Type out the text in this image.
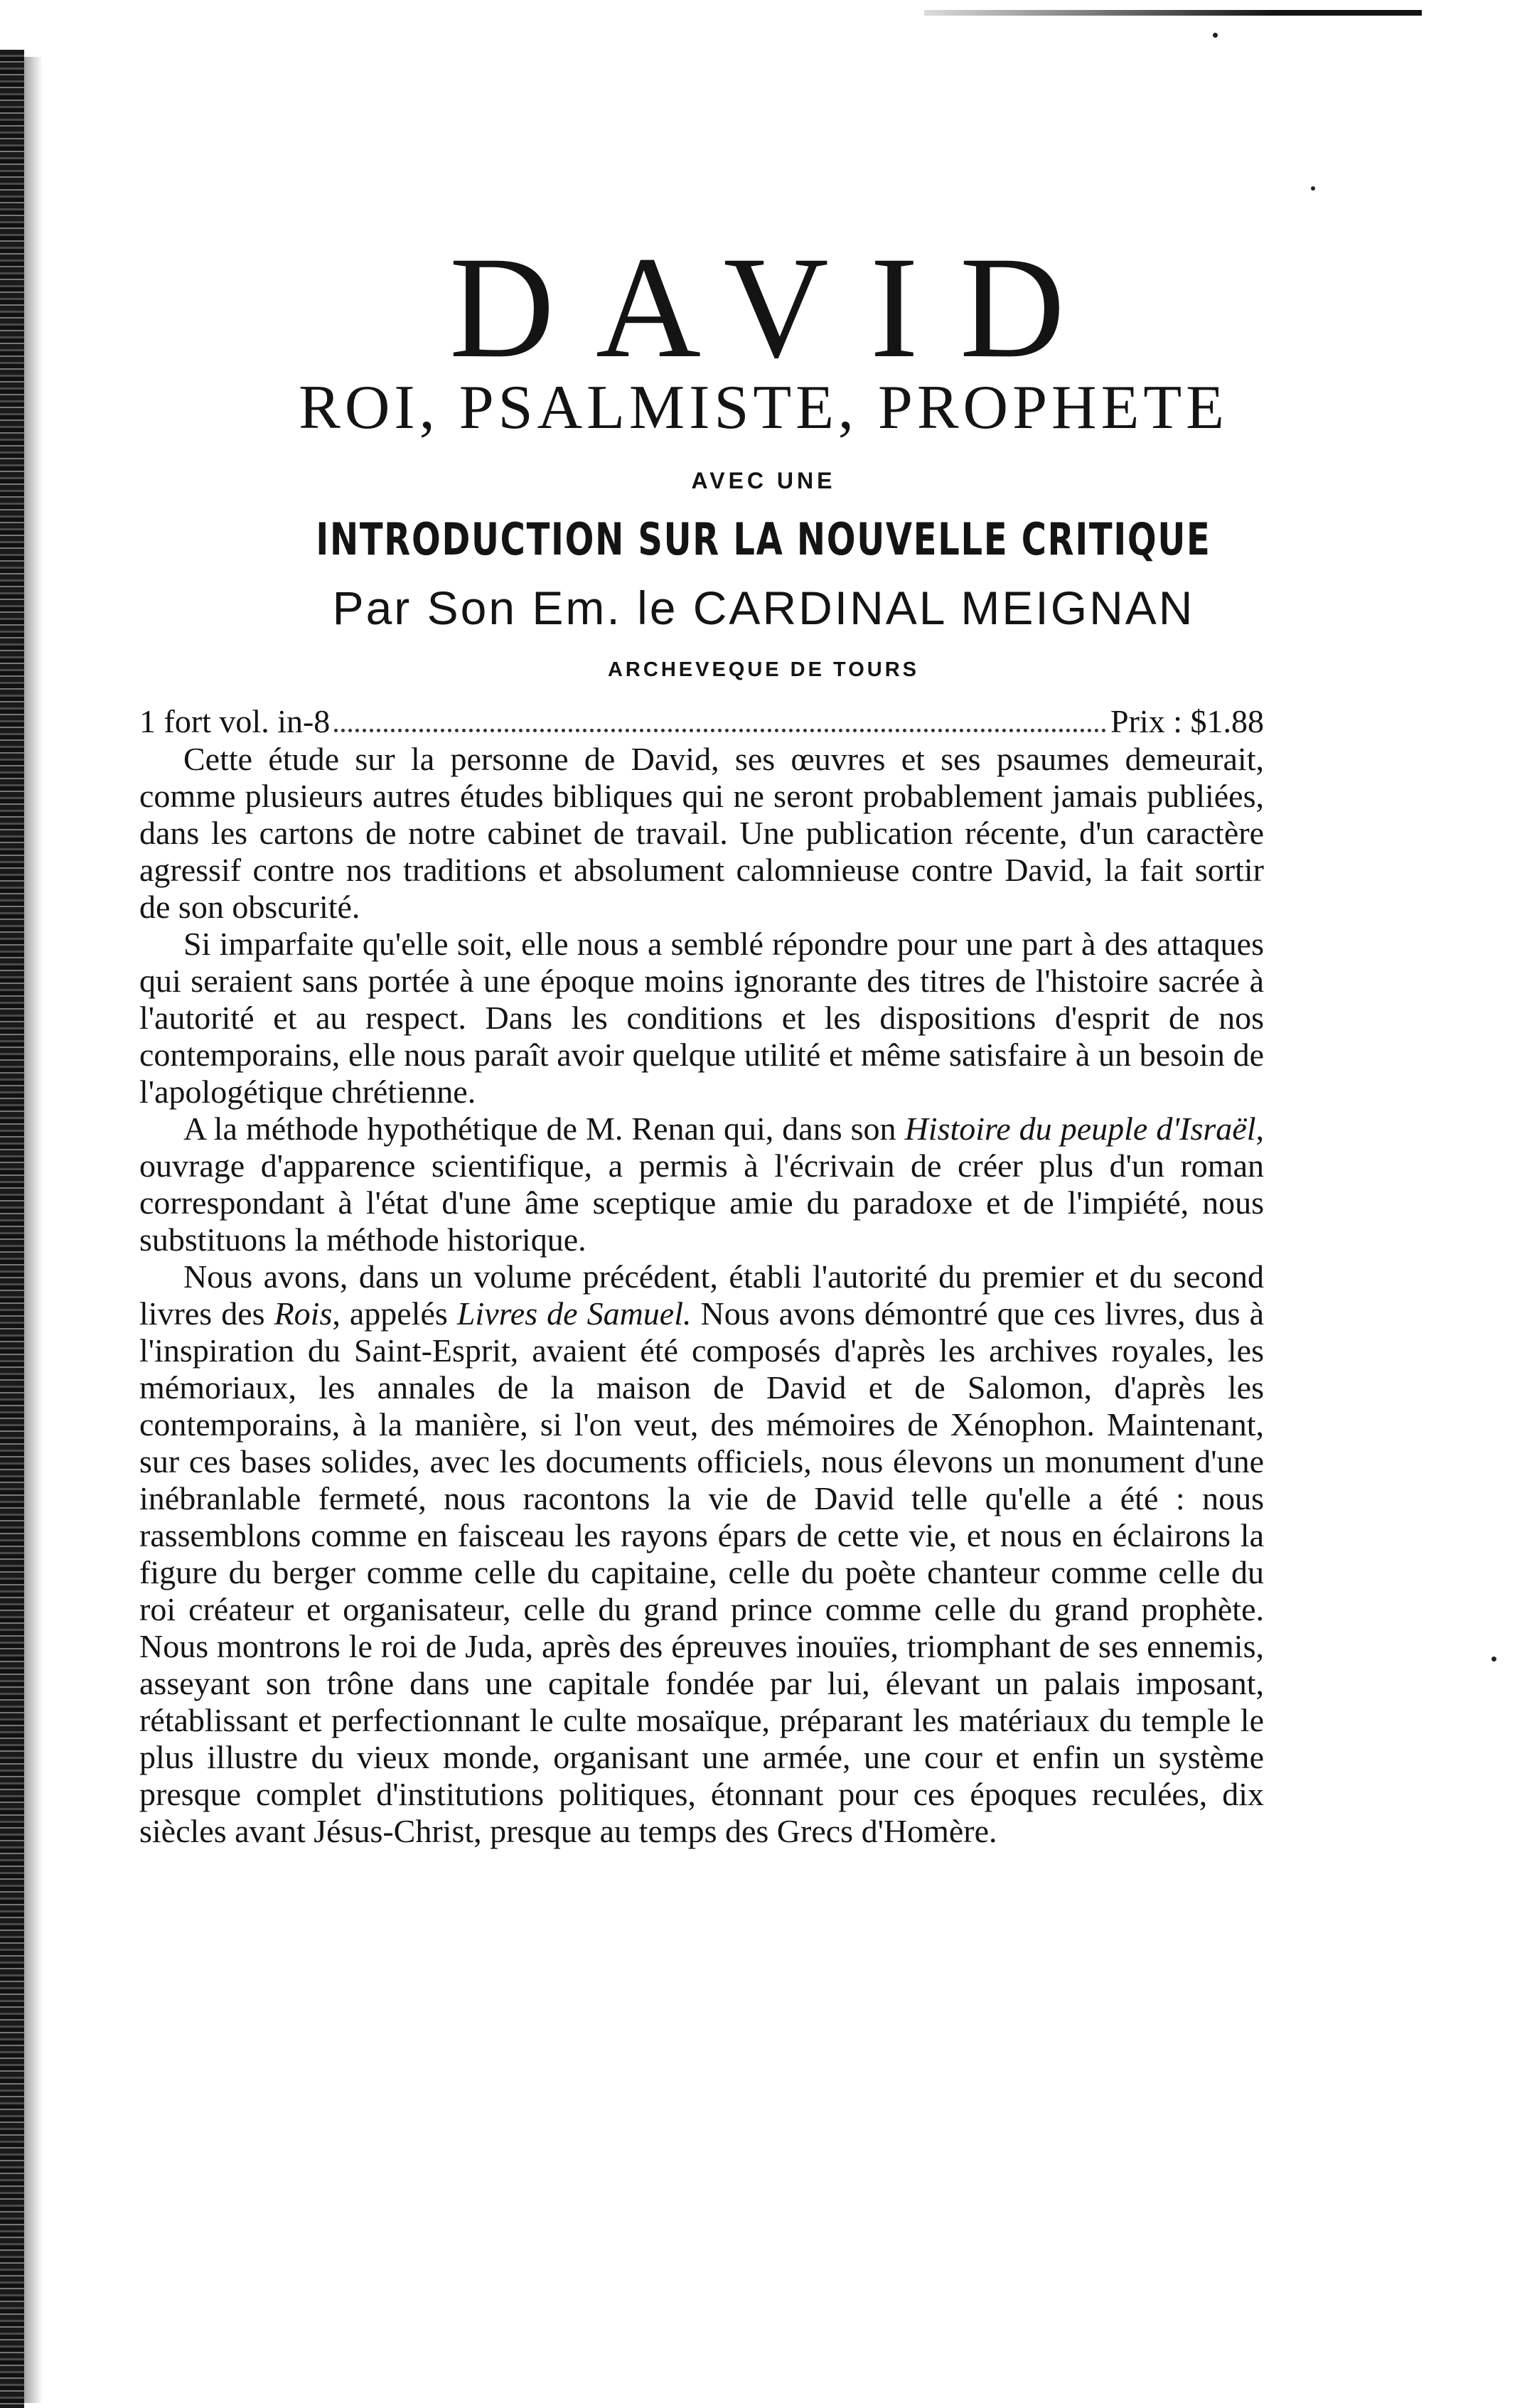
DAVID
ROI, PSALMISTE, PROPHETE
AVEC UNE
INTRODUCTION SUR LA NOUVELLE CRITIQUE
Par Son Em. le CARDINAL MEIGNAN
ARCHEVEQUE DE TOURS
1 fort vol. in-8	Prix : $1.88

Cette étude sur la personne de David, ses œuvres et ses psaumes demeurait, comme plusieurs autres études bibliques qui ne seront probablement jamais publiées, dans les cartons de notre cabinet de travail. Une publication récente, d'un caractère agressif contre nos traditions et absolument calomnieuse contre David, la fait sortir de son obscurité.

Si imparfaite qu'elle soit, elle nous a semblé répondre pour une part à des attaques qui seraient sans portée à une époque moins ignorante des titres de l'histoire sacrée à l'autorité et au respect. Dans les conditions et les dispositions d'esprit de nos contemporains, elle nous paraît avoir quelque utilité et même satisfaire à un besoin de l'apologétique chrétienne.

A la méthode hypothétique de M. Renan qui, dans son Histoire du peuple d'Israël, ouvrage d'apparence scientifique, a permis à l'écrivain de créer plus d'un roman correspondant à l'état d'une âme sceptique amie du paradoxe et de l'impiété, nous substituons la méthode historique.

Nous avons, dans un volume précédent, établi l'autorité du premier et du second livres des Rois, appelés Livres de Samuel. Nous avons démontré que ces livres, dus à l'inspiration du Saint-Esprit, avaient été composés d'après les archives royales, les mémoriaux, les annales de la maison de David et de Salomon, d'après les contemporains, à la manière, si l'on veut, des mémoires de Xénophon. Maintenant, sur ces bases solides, avec les documents officiels, nous élevons un monument d'une inébranlable fermeté, nous racontons la vie de David telle qu'elle a été : nous rassemblons comme en faisceau les rayons épars de cette vie, et nous en éclairons la figure du berger comme celle du capitaine, celle du poète chanteur comme celle du roi créateur et organisateur, celle du grand prince comme celle du grand prophète. Nous montrons le roi de Juda, après des épreuves inouïes, triomphant de ses ennemis, asseyant son trône dans une capitale fondée par lui, élevant un palais imposant, rétablissant et perfectionnant le culte mosaïque, préparant les matériaux du temple le plus illustre du vieux monde, organisant une armée, une cour et enfin un système presque complet d'institutions politiques, étonnant pour ces époques reculées, dix siècles avant Jésus-Christ, presque au temps des Grecs d'Homère.
